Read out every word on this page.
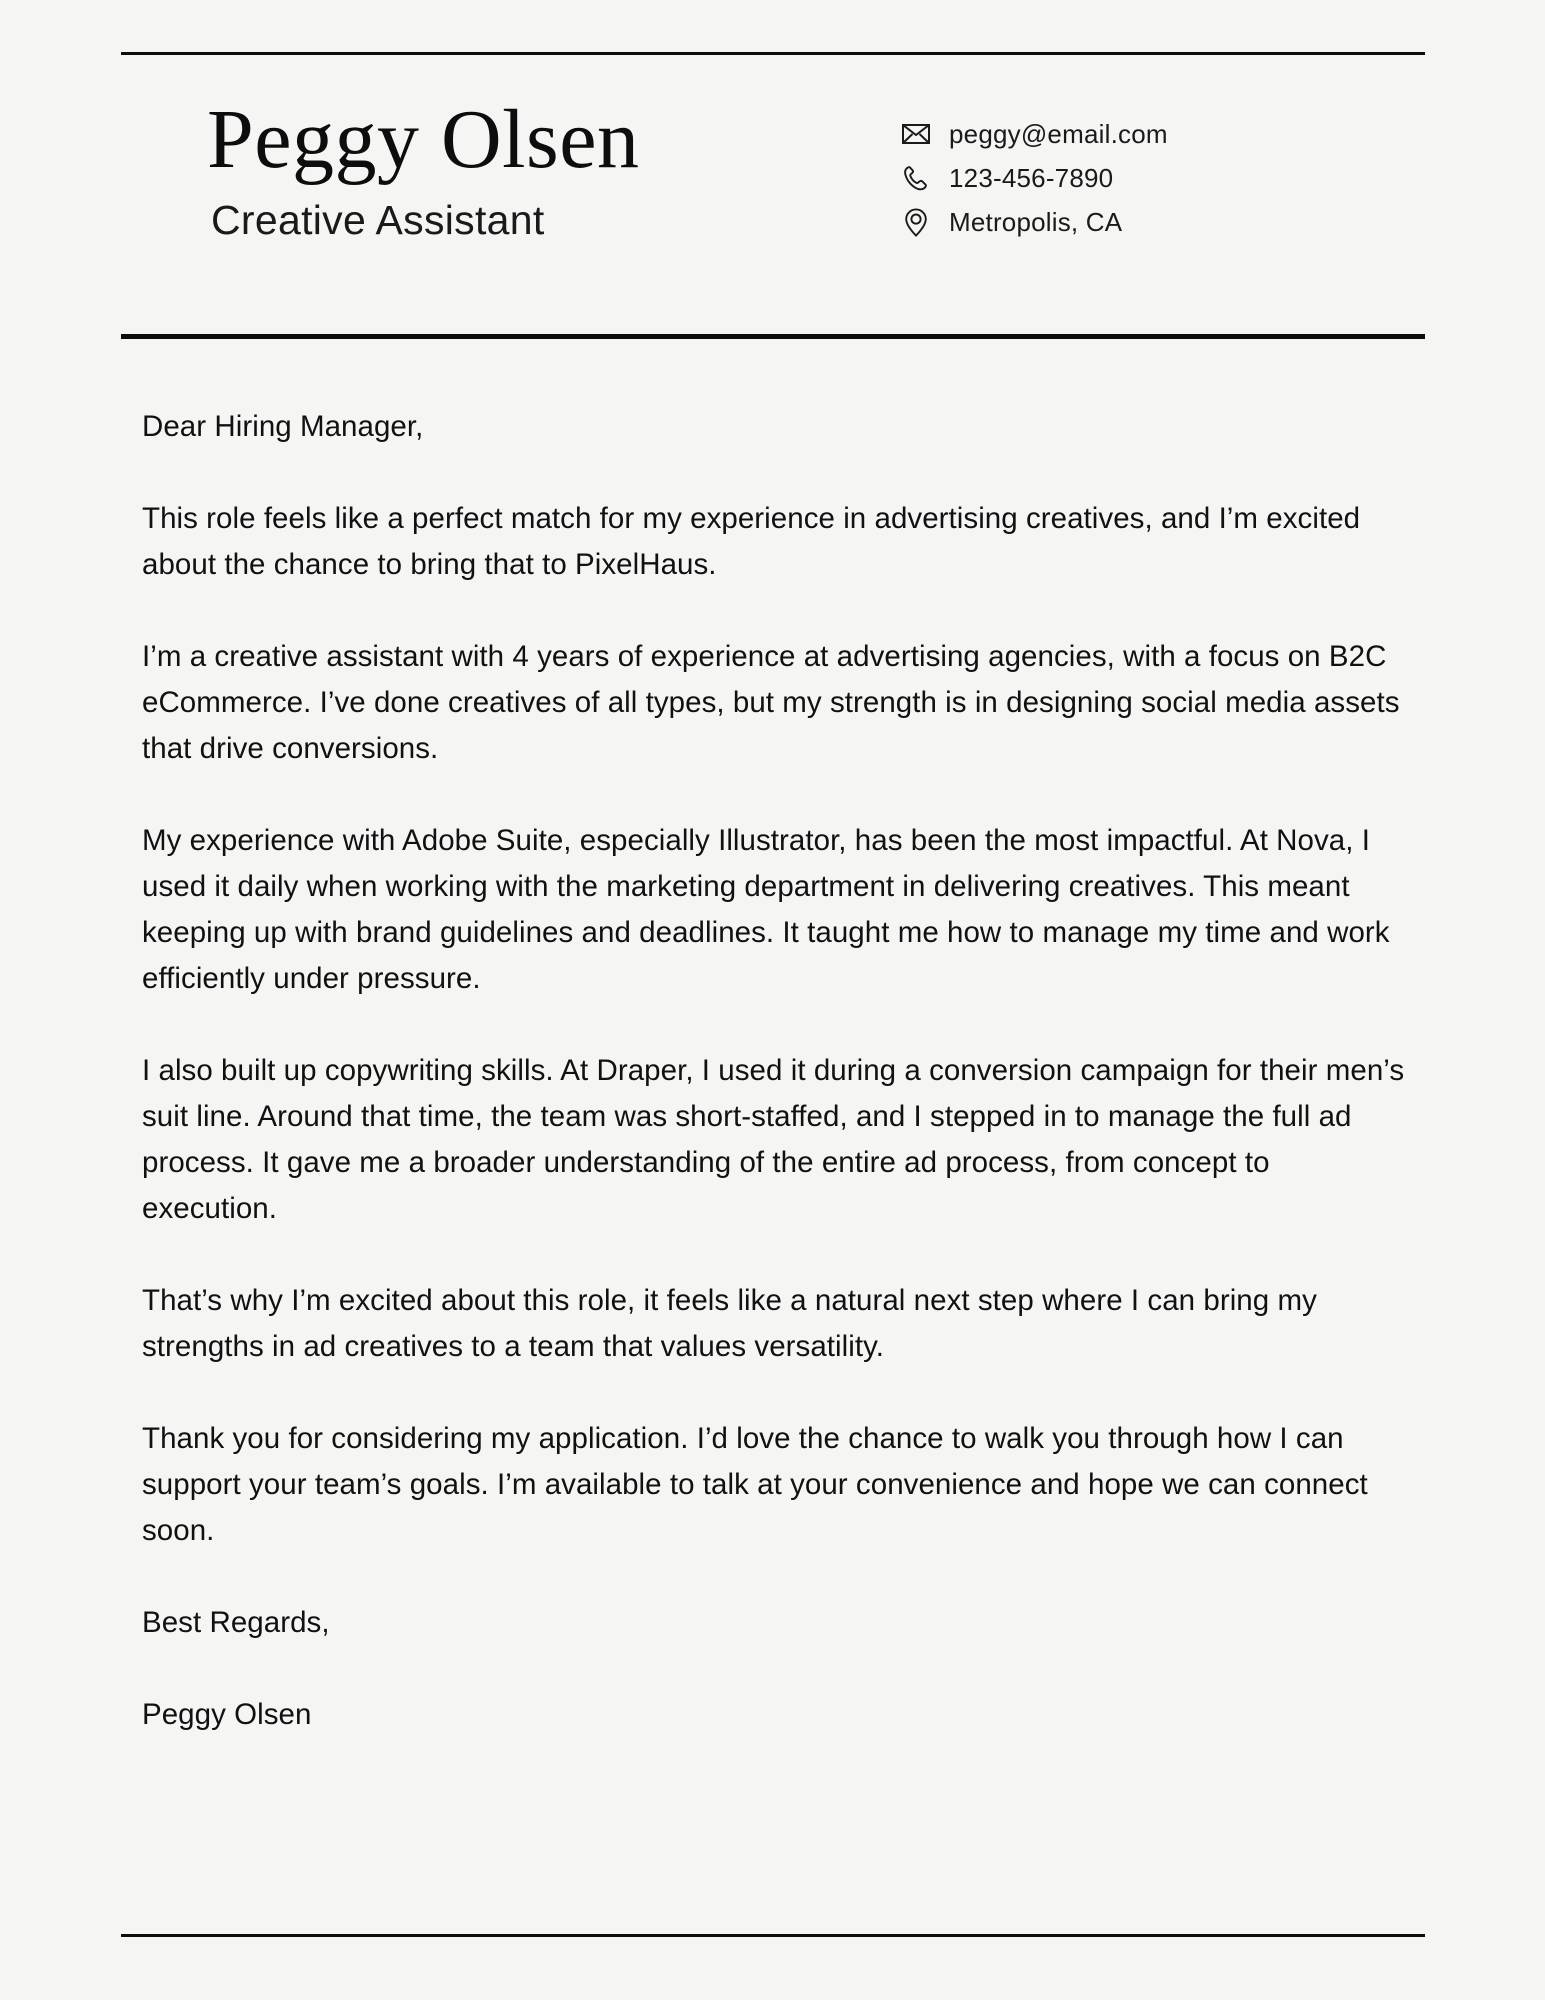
Peggy Olsen
Creative Assistant
peggy@email.com
123-456-7890
Metropolis, CA

Dear Hiring Manager,

This role feels like a perfect match for my experience in advertising creatives, and I’m excited about the chance to bring that to PixelHaus.

I’m a creative assistant with 4 years of experience at advertising agencies, with a focus on B2C eCommerce. I’ve done creatives of all types, but my strength is in designing social media assets that drive conversions.

My experience with Adobe Suite, especially Illustrator, has been the most impactful. At Nova, I used it daily when working with the marketing department in delivering creatives. This meant keeping up with brand guidelines and deadlines. It taught me how to manage my time and work efficiently under pressure.

I also built up copywriting skills. At Draper, I used it during a conversion campaign for their men’s suit line. Around that time, the team was short-staffed, and I stepped in to manage the full ad process. It gave me a broader understanding of the entire ad process, from concept to execution.

That’s why I’m excited about this role, it feels like a natural next step where I can bring my strengths in ad creatives to a team that values versatility.

Thank you for considering my application. I’d love the chance to walk you through how I can support your team’s goals. I’m available to talk at your convenience and hope we can connect soon.

Best Regards,

Peggy Olsen
